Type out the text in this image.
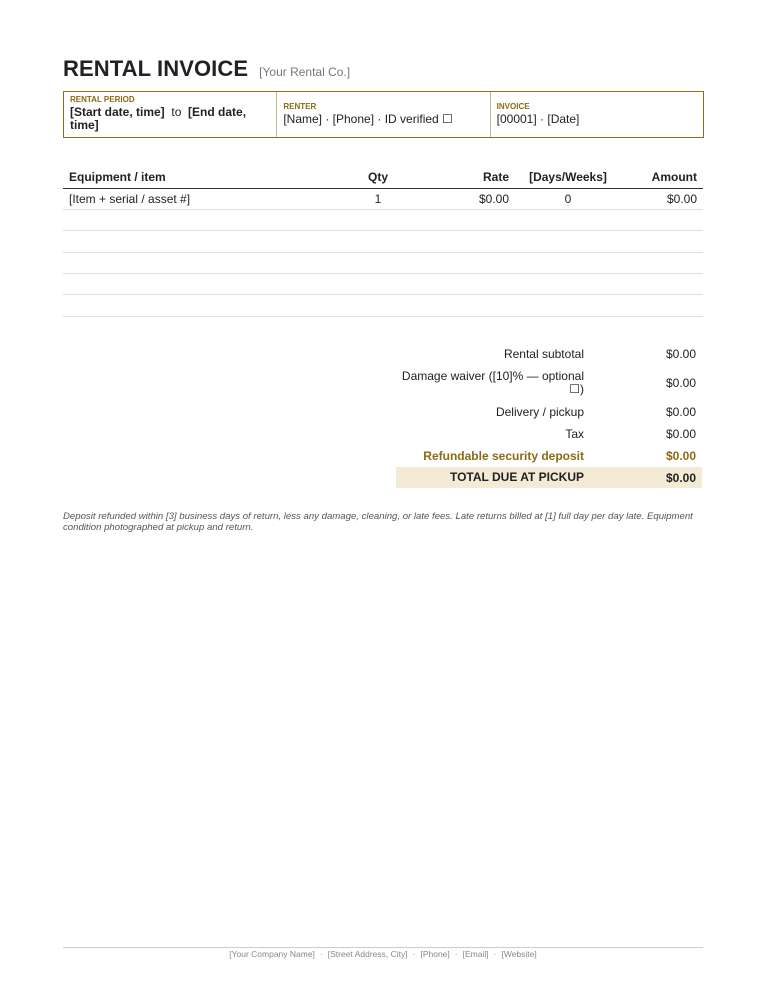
RENTAL INVOICE [Your Rental Co.]
RENTAL PERIOD
[Start date, time] to [End date, time]
RENTER
[Name] · [Phone] · ID verified ☐
INVOICE
[00001] · [Date]
Equipment / item	Qty	Rate	[Days/Weeks]	Amount
[Item + serial / asset #]	1	$0.00	0	$0.00

Rental subtotal	$0.00
Damage waiver ([10]% — optional ☐)	$0.00
Delivery / pickup	$0.00
Tax	$0.00
Refundable security deposit	$0.00
TOTAL DUE AT PICKUP	$0.00
Deposit refunded within [3] business days of return, less any damage, cleaning, or late fees. Late returns billed at [1] full day per day late. Equipment condition photographed at pickup and return.
[Your Company Name] · [Street Address, City] · [Phone] · [Email] · [Website]
